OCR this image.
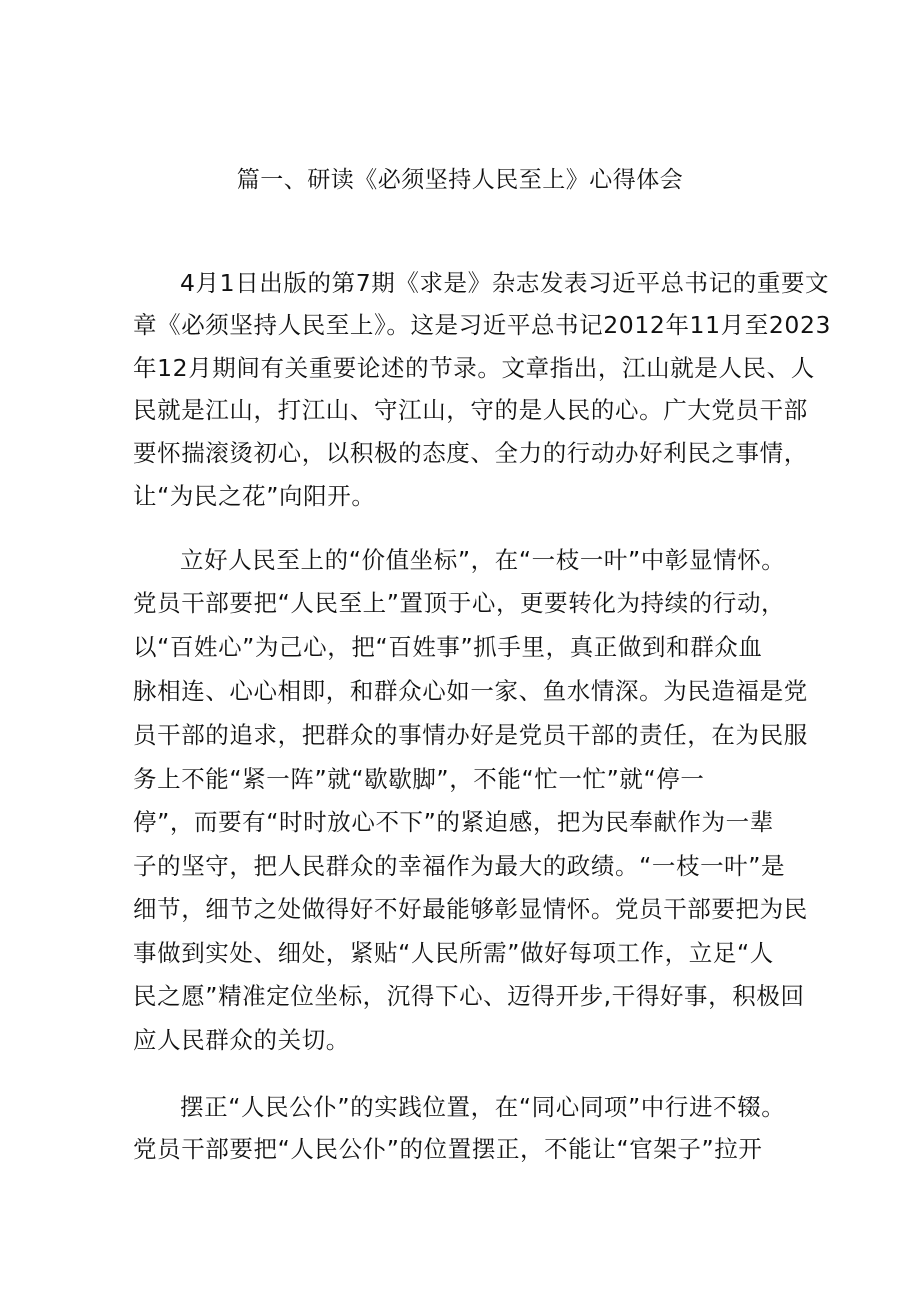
篇一、研读《必须坚持人民至上》心得体会
4月1日出版的第7期《求是》杂志发表习近平总书记的重要文
章《必须坚持人民至上》。这是习近平总书记2012年11月至2023
年12月期间有关重要论述的节录。文章指出，江山就是人民、人
民就是江山，打江山、守江山，守的是人民的心。广大党员干部
要怀揣滚烫初心，以积极的态度、全力的行动办好利民之事情，
让“为民之花”向阳开。
立好人民至上的“价值坐标”，在“一枝一叶”中彰显情怀。
党员干部要把“人民至上”置顶于心，更要转化为持续的行动，
以“百姓心”为己心，把“百姓事”抓手里，真正做到和群众血
脉相连、心心相即，和群众心如一家、鱼水情深。为民造福是党
员干部的追求，把群众的事情办好是党员干部的责任，在为民服
务上不能“紧一阵”就“歇歇脚”，不能“忙一忙”就“停一
停”，而要有“时时放心不下”的紧迫感，把为民奉献作为一辈
子的坚守，把人民群众的幸福作为最大的政绩。“一枝一叶”是
细节，细节之处做得好不好最能够彰显情怀。党员干部要把为民
事做到实处、细处，紧贴“人民所需”做好每项工作，立足“人
民之愿”精准定位坐标，沉得下心、迈得开步,干得好事，积极回
应人民群众的关切。
摆正“人民公仆”的实践位置，在“同心同项”中行进不辍。
党员干部要把“人民公仆”的位置摆正，不能让“官架子”拉开
